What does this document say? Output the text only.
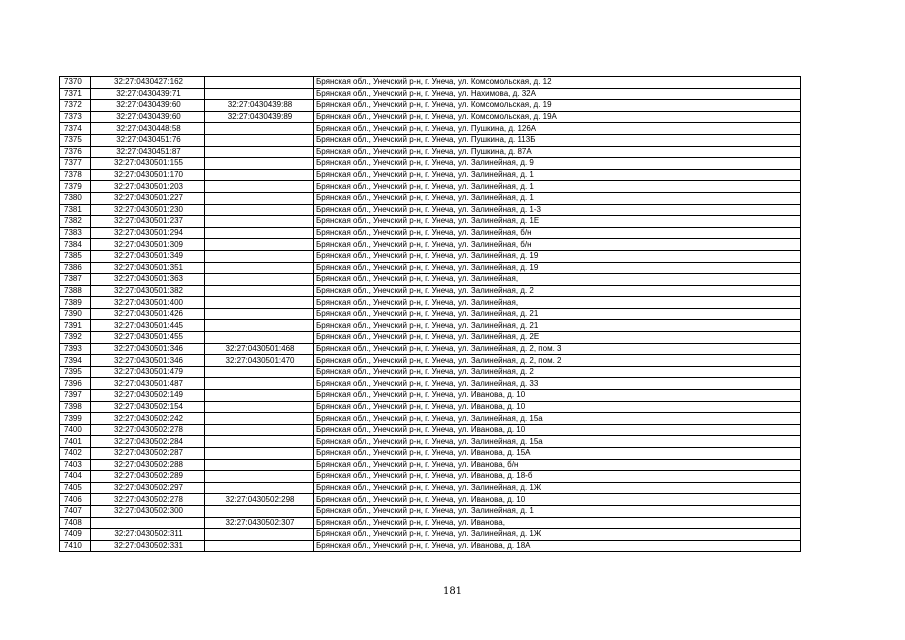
7370	32:27:0430427:162		Брянская обл., Унечский р-н, г. Унеча, ул. Комсомольская, д. 12
7371	32:27:0430439:71		Брянская обл., Унечский р-н, г. Унеча, ул. Нахимова, д. 32А
7372	32:27:0430439:60	32:27:0430439:88	Брянская обл., Унечский р-н, г. Унеча, ул. Комсомольская, д. 19
7373	32:27:0430439:60	32:27:0430439:89	Брянская обл., Унечский р-н, г. Унеча, ул. Комсомольская, д. 19А
7374	32:27:0430448:58		Брянская обл., Унечский р-н, г. Унеча, ул. Пушкина, д. 126А
7375	32:27:0430451:76		Брянская обл., Унечский р-н, г. Унеча, ул. Пушкина, д. 113Б
7376	32:27:0430451:87		Брянская обл., Унечский р-н, г. Унеча, ул. Пушкина, д. 87А
7377	32:27:0430501:155		Брянская обл., Унечский р-н, г. Унеча, ул. Залинейная, д. 9
7378	32:27:0430501:170		Брянская обл., Унечский р-н, г. Унеча, ул. Залинейная, д. 1
7379	32:27:0430501:203		Брянская обл., Унечский р-н, г. Унеча, ул. Залинейная, д. 1
7380	32:27:0430501:227		Брянская обл., Унечский р-н, г. Унеча, ул. Залинейная, д. 1
7381	32:27:0430501:230		Брянская обл., Унечский р-н, г. Унеча, ул. Залинейная, д. 1-3
7382	32:27:0430501:237		Брянская обл., Унечский р-н, г. Унеча, ул. Залинейная, д. 1Е
7383	32:27:0430501:294		Брянская обл., Унечский р-н, г. Унеча, ул. Залинейная, б/н
7384	32:27:0430501:309		Брянская обл., Унечский р-н, г. Унеча, ул. Залинейная, б/н
7385	32:27:0430501:349		Брянская обл., Унечский р-н, г. Унеча, ул. Залинейная, д. 19
7386	32:27:0430501:351		Брянская обл., Унечский р-н, г. Унеча, ул. Залинейная, д. 19
7387	32:27:0430501:363		Брянская обл., Унечский р-н, г. Унеча, ул. Залинейная,
7388	32:27:0430501:382		Брянская обл., Унечский р-н, г. Унеча, ул. Залинейная, д. 2
7389	32:27:0430501:400		Брянская обл., Унечский р-н, г. Унеча, ул. Залинейная,
7390	32:27:0430501:426		Брянская обл., Унечский р-н, г. Унеча, ул. Залинейная, д. 21
7391	32:27:0430501:445		Брянская обл., Унечский р-н, г. Унеча, ул. Залинейная, д. 21
7392	32:27:0430501:455		Брянская обл., Унечский р-н, г. Унеча, ул. Залинейная, д. 2Е
7393	32:27:0430501:346	32:27:0430501:468	Брянская обл., Унечский р-н, г. Унеча, ул. Залинейная, д. 2, пом. 3
7394	32:27:0430501:346	32:27:0430501:470	Брянская обл., Унечский р-н, г. Унеча, ул. Залинейная, д. 2, пом. 2
7395	32:27:0430501:479		Брянская обл., Унечский р-н, г. Унеча, ул. Залинейная, д. 2
7396	32:27:0430501:487		Брянская обл., Унечский р-н, г. Унеча, ул. Залинейная, д. 33
7397	32:27:0430502:149		Брянская обл., Унечский р-н, г. Унеча, ул. Иванова, д. 10
7398	32:27:0430502:154		Брянская обл., Унечский р-н, г. Унеча, ул. Иванова, д. 10
7399	32:27:0430502:242		Брянская обл., Унечский р-н, г. Унеча, ул. Залинейная, д. 15а
7400	32:27:0430502:278		Брянская обл., Унечский р-н, г. Унеча, ул. Иванова, д. 10
7401	32:27:0430502:284		Брянская обл., Унечский р-н, г. Унеча, ул. Залинейная, д. 15а
7402	32:27:0430502:287		Брянская обл., Унечский р-н, г. Унеча, ул. Иванова, д. 15А
7403	32:27:0430502:288		Брянская обл., Унечский р-н, г. Унеча, ул. Иванова, б/н
7404	32:27:0430502:289		Брянская обл., Унечский р-н, г. Унеча, ул. Иванова, д. 18-б
7405	32:27:0430502:297		Брянская обл., Унечский р-н, г. Унеча, ул. Залинейная, д. 1Ж
7406	32:27:0430502:278	32:27:0430502:298	Брянская обл., Унечский р-н, г. Унеча, ул. Иванова, д. 10
7407	32:27:0430502:300		Брянская обл., Унечский р-н, г. Унеча, ул. Залинейная, д. 1
7408		32:27:0430502:307	Брянская обл., Унечский р-н, г. Унеча, ул. Иванова,
7409	32:27:0430502:311		Брянская обл., Унечский р-н, г. Унеча, ул. Залинейная, д. 1Ж
7410	32:27:0430502:331		Брянская обл., Унечский р-н, г. Унеча, ул. Иванова, д. 18А
181
